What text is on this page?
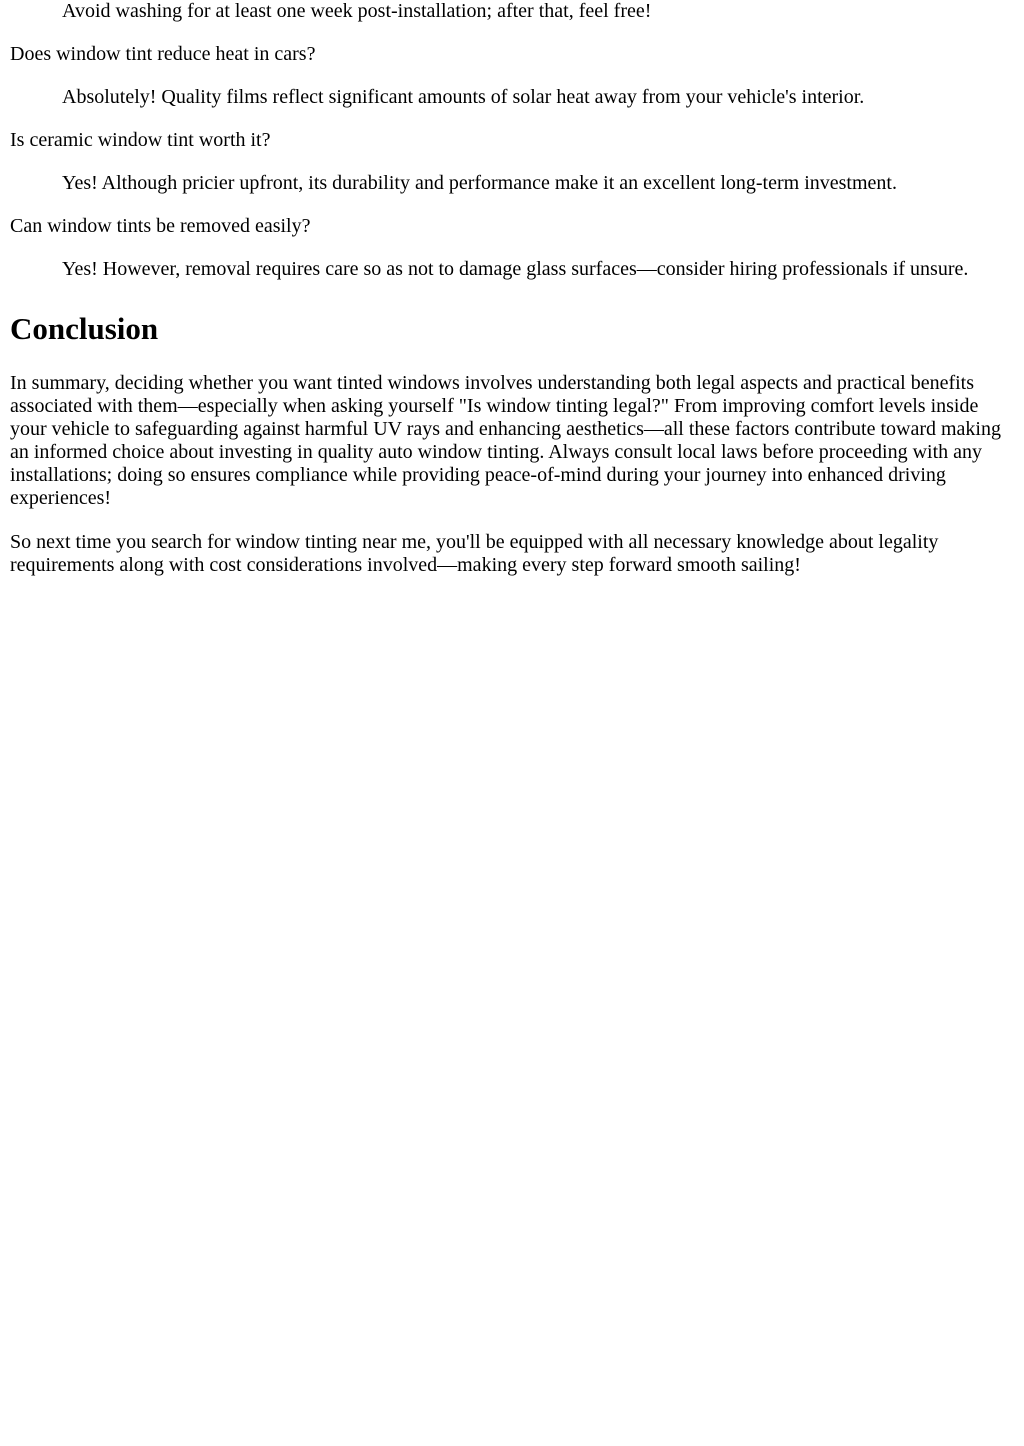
Avoid washing for at least one week post-installation; after that, feel free!

Does window tint reduce heat in cars?

Absolutely! Quality films reflect significant amounts of solar heat away from your vehicle's interior.

Is ceramic window tint worth it?

Yes! Although pricier upfront, its durability and performance make it an excellent long-term investment.

Can window tints be removed easily?

Yes! However, removal requires care so as not to damage glass surfaces—consider hiring professionals if unsure.

Conclusion

In summary, deciding whether you want tinted windows involves understanding both legal aspects and practical benefits associated with them—especially when asking yourself "Is window tinting legal?" From improving comfort levels inside your vehicle to safeguarding against harmful UV rays and enhancing aesthetics—all these factors contribute toward making an informed choice about investing in quality auto window tinting. Always consult local laws before proceeding with any installations; doing so ensures compliance while providing peace-of-mind during your journey into enhanced driving experiences!

So next time you search for window tinting near me, you'll be equipped with all necessary knowledge about legality requirements along with cost considerations involved—making every step forward smooth sailing!
